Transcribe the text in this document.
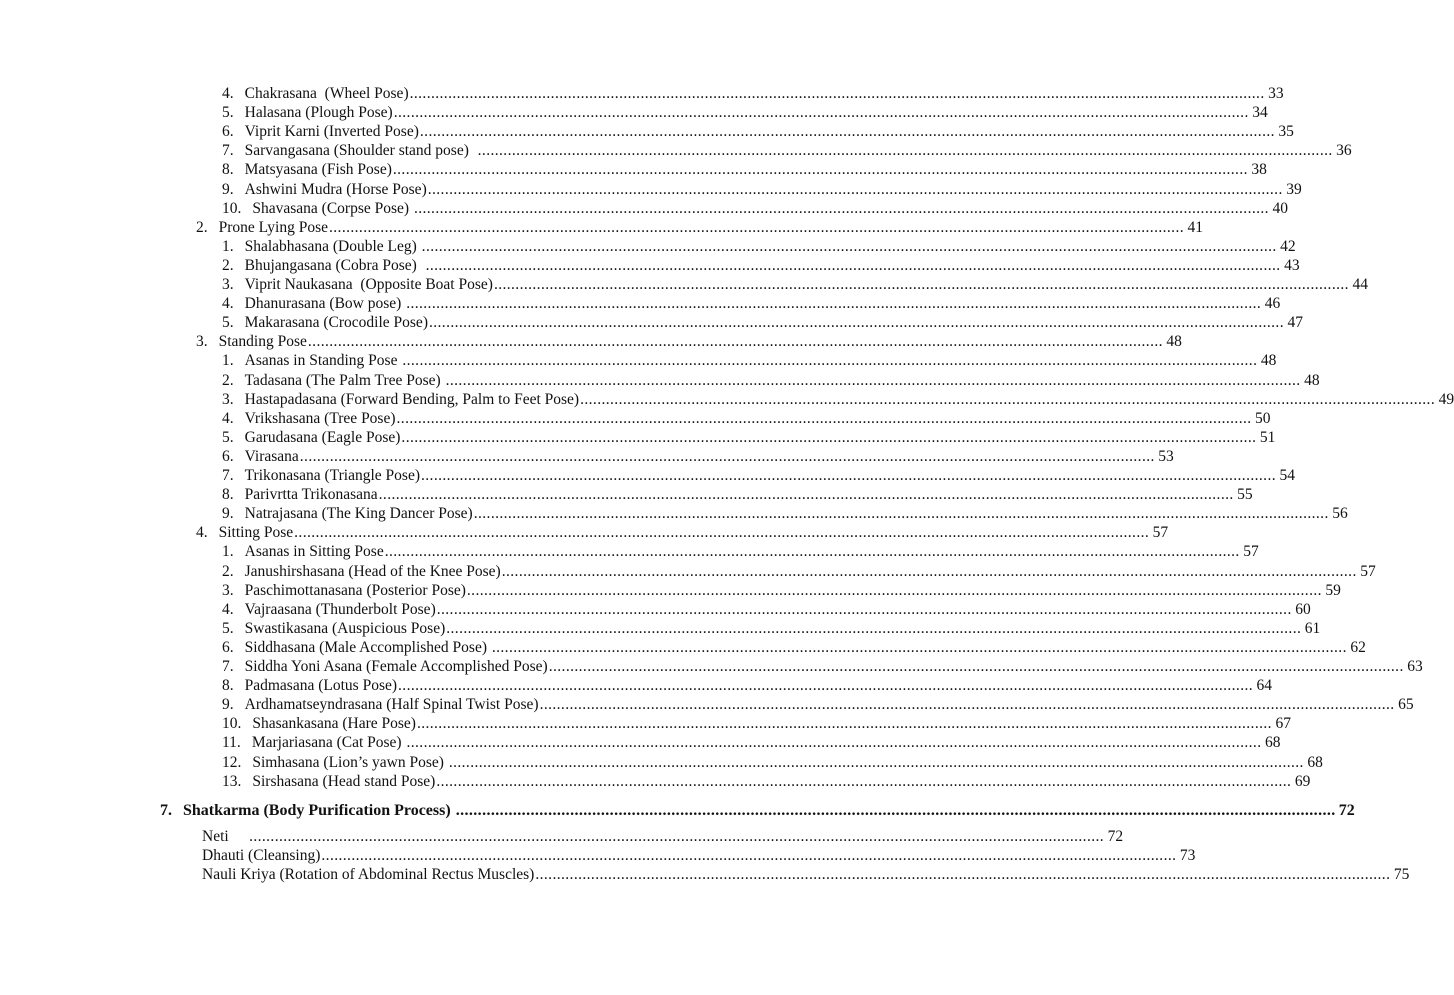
4. Chakrasana  (Wheel Pose) ........................................................................................................................................................................................................ 33
5. Halasana (Plough Pose) ........................................................................................................................................................................................................ 34
6. Viprit Karni (Inverted Pose) ........................................................................................................................................................................................................ 35
7. Sarvangasana (Shoulder stand pose) ........................................................................................................................................................................................................ 36
8. Matsyasana (Fish Pose) ........................................................................................................................................................................................................ 38
9. Ashwini Mudra (Horse Pose) ........................................................................................................................................................................................................ 39
10. Shavasana (Corpse Pose) ........................................................................................................................................................................................................ 40
2. Prone Lying Pose ........................................................................................................................................................................................................ 41
1. Shalabhasana (Double Leg) ........................................................................................................................................................................................................ 42
2. Bhujangasana (Cobra Pose) ........................................................................................................................................................................................................ 43
3. Viprit Naukasana  (Opposite Boat Pose) ........................................................................................................................................................................................................ 44
4. Dhanurasana (Bow pose) ........................................................................................................................................................................................................ 46
5. Makarasana (Crocodile Pose) ........................................................................................................................................................................................................ 47
3. Standing Pose ........................................................................................................................................................................................................ 48
1. Asanas in Standing Pose ........................................................................................................................................................................................................ 48
2. Tadasana (The Palm Tree Pose) ........................................................................................................................................................................................................ 48
3. Hastapadasana (Forward Bending, Palm to Feet Pose) ........................................................................................................................................................................................................ 49
4. Vrikshasana (Tree Pose) ........................................................................................................................................................................................................ 50
5. Garudasana (Eagle Pose) ........................................................................................................................................................................................................ 51
6. Virasana ........................................................................................................................................................................................................ 53
7. Trikonasana (Triangle Pose) ........................................................................................................................................................................................................ 54
8. Parivrtta Trikonasana ........................................................................................................................................................................................................ 55
9. Natrajasana (The King Dancer Pose) ........................................................................................................................................................................................................ 56
4. Sitting Pose ........................................................................................................................................................................................................ 57
1. Asanas in Sitting Pose ........................................................................................................................................................................................................ 57
2. Janushirshasana (Head of the Knee Pose) ........................................................................................................................................................................................................ 57
3. Paschimottanasana (Posterior Pose) ........................................................................................................................................................................................................ 59
4. Vajraasana (Thunderbolt Pose) ........................................................................................................................................................................................................ 60
5. Swastikasana (Auspicious Pose) ........................................................................................................................................................................................................ 61
6. Siddhasana (Male Accomplished Pose) ........................................................................................................................................................................................................ 62
7. Siddha Yoni Asana (Female Accomplished Pose) ........................................................................................................................................................................................................ 63
8. Padmasana (Lotus Pose) ........................................................................................................................................................................................................ 64
9. Ardhamatseyndrasana (Half Spinal Twist Pose) ........................................................................................................................................................................................................ 65
10. Shasankasana (Hare Pose) ........................................................................................................................................................................................................ 67
11. Marjariasana (Cat Pose) ........................................................................................................................................................................................................ 68
12. Simhasana (Lion’s yawn Pose) ........................................................................................................................................................................................................ 68
13. Sirshasana (Head stand Pose) ........................................................................................................................................................................................................ 69
7. Shatkarma (Body Purification Process) ........................................................................................................................................................................................................ 72
Neti ........................................................................................................................................................................................................ 72
Dhauti (Cleansing) ........................................................................................................................................................................................................ 73
Nauli Kriya (Rotation of Abdominal Rectus Muscles) ........................................................................................................................................................................................................ 75
